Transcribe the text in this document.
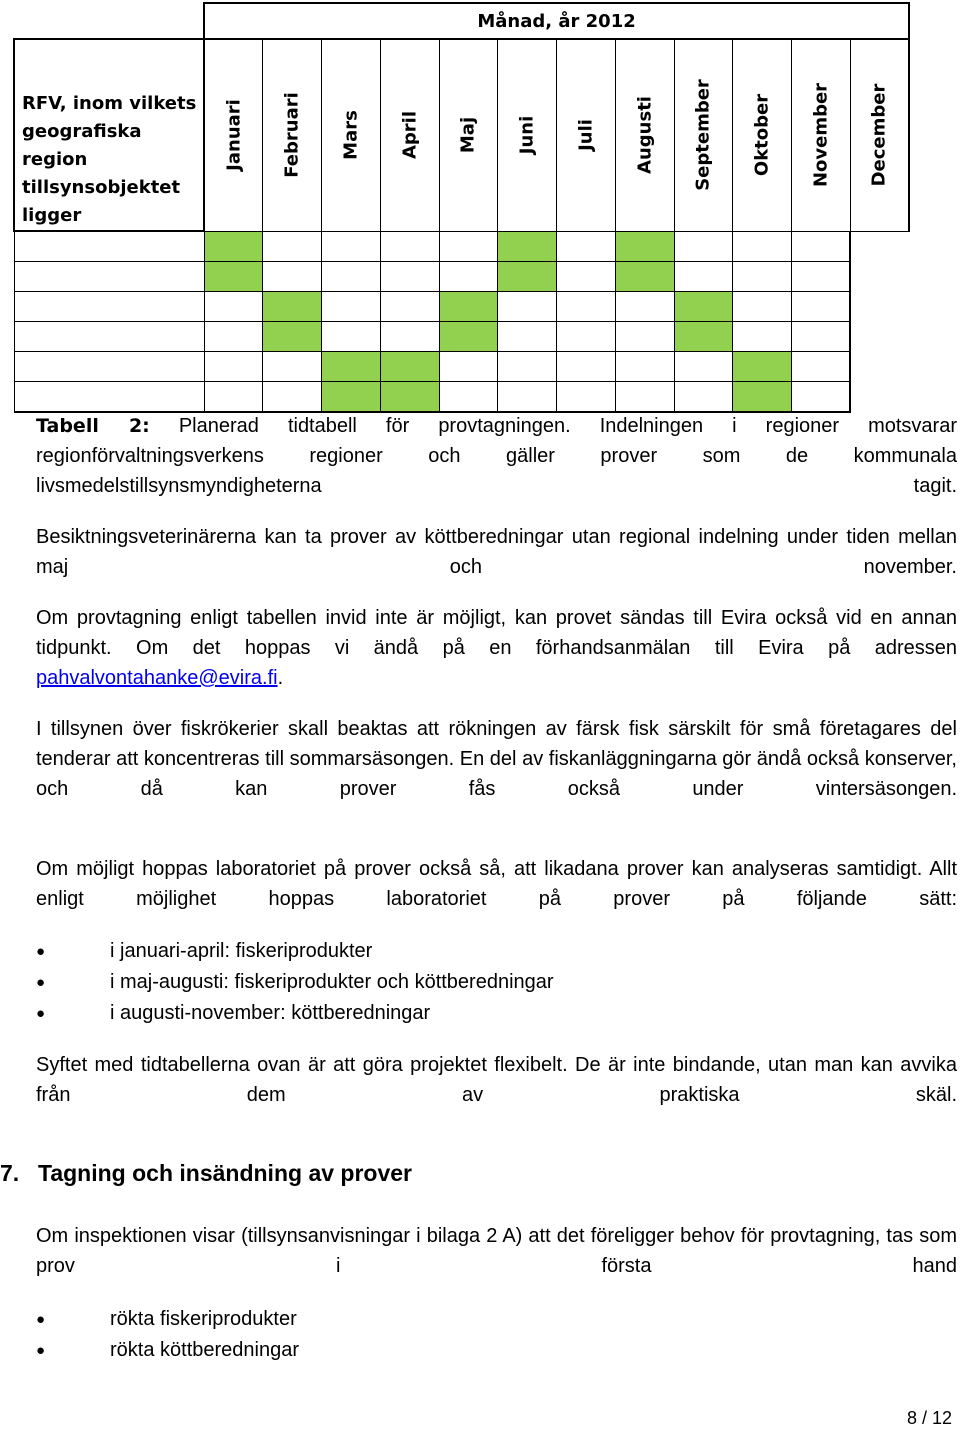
	Månad, år 2012											
RFV, inom vilkets geografiska region tillsynsobjektet ligger	Januari	Februari	Mars	April	Maj	Juni	Juli	Augusti	September	Oktober	November	December

Tabell 2: Planerad tidtabell för provtagningen. Indelningen i regioner motsvarar regionförvaltningsverkens regioner och gäller prover som de kommunala livsmedelstillsynsmyndigheterna tagit.

Besiktningsveterinärerna kan ta prover av köttberedningar utan regional indelning under tiden mellan maj och november.

Om provtagning enligt tabellen invid inte är möjligt, kan provet sändas till Evira också vid en annan tidpunkt. Om det hoppas vi ändå på en förhandsanmälan till Evira på adressen pahvalvontahanke@evira.fi.

I tillsynen över fiskrökerier skall beaktas att rökningen av färsk fisk särskilt för små företagares del tenderar att koncentreras till sommarsäsongen. En del av fiskanläggningarna gör ändå också konserver, och då kan prover fås också under vintersäsongen.

Om möjligt hoppas laboratoriet på prover också så, att likadana prover kan analyseras samtidigt. Allt enligt möjlighet hoppas laboratoriet på prover på följande sätt:

● i januari-april: fiskeriprodukter
● i maj-augusti: fiskeriprodukter och köttberedningar
● i augusti-november: köttberedningar

Syftet med tidtabellerna ovan är att göra projektet flexibelt. De är inte bindande, utan man kan avvika från dem av praktiska skäl.

7. Tagning och insändning av prover

Om inspektionen visar (tillsynsanvisningar i bilaga 2 A) att det föreligger behov för provtagning, tas som prov i första hand

● rökta fiskeriprodukter
● rökta köttberedningar
8 / 12
